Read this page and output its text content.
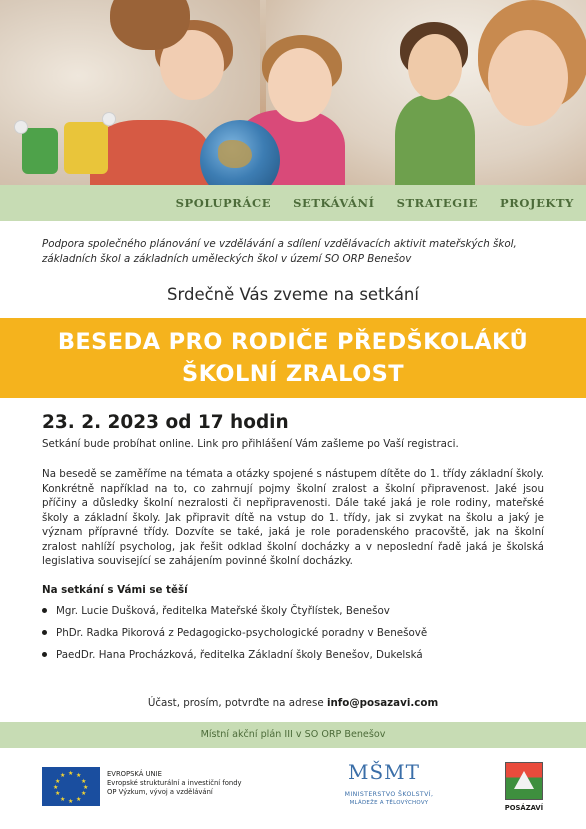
SPOLUPRÁCE SETKÁVÁNÍ STRATEGIE PROJEKTY
Podpora společného plánování ve vzdělávání a sdílení vzdělávacích aktivit mateřských škol,
základních škol a základních uměleckých škol v území SO ORP Benešov
Srdečně Vás zveme na setkání
BESEDA PRO RODIČE PŘEDŠKOLÁKŮ
ŠKOLNÍ ZRALOST
23. 2. 2023 od 17 hodin
Setkání bude probíhat online. Link pro přihlášení Vám zašleme po Vaší registraci.
Na besedě se zaměříme na témata a otázky spojené s nástupem dítěte do 1. třídy základní školy. Konkrétně například na to, co zahrnují pojmy školní zralost a školní připravenost. Jaké jsou příčiny a důsledky školní nezralosti či nepřipravenosti. Dále také jaká je role rodiny, mateřské školy a základní školy. Jak připravit dítě na vstup do 1. třídy, jak si zvykat na školu a jaký je význam přípravné třídy. Dozvíte se také, jaká je role poradenského pracovště, jak na školní zralost nahlíží psycholog, jak řešit odklad školní docházky a v neposlední řadě jaká je školská legislativa související se zahájením povinné školní docházky.
Na setkání s Vámi se těší
Mgr. Lucie Dušková, ředitelka Mateřské školy Čtyřlístek, Benešov
PhDr. Radka Pikorová z Pedagogicko-psychologické poradny v Benešově
PaedDr. Hana Procházková, ředitelka Základní školy Benešov, Dukelská
Účast, prosím, potvrďte na adrese info@posazavi.com
Místní akční plán III v SO ORP Benešov
★ ★
★
★
★
★
★
★
★
★
★
★	EVROPSKÁ UNIE
Evropské strukturální a investiční fondy
OP Výzkum, vývoj a vzdělávání
MŠMT
MINISTERSTVO ŠKOLSTVÍ,
MLÁDEŽE A TĚLOVÝCHOVY
POSÁZAVÍ
